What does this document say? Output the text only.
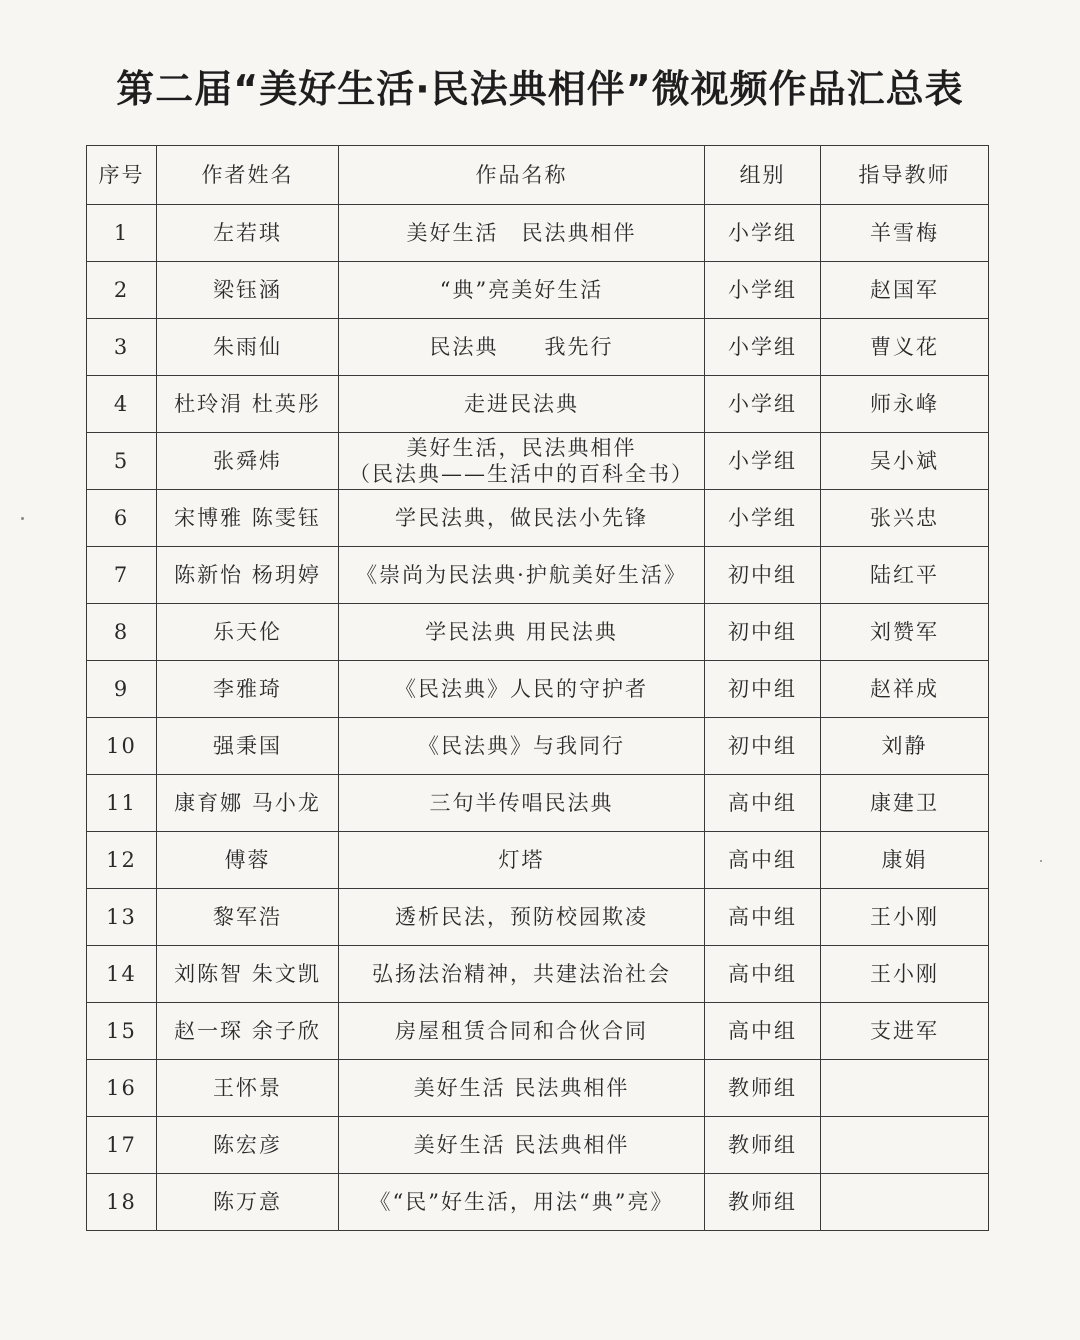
第二届“美好生活·民法典相伴”微视频作品汇总表
序号	作者姓名	作品名称	组别	指导教师
1	左若琪	美好生活　民法典相伴	小学组	羊雪梅
2	梁钰涵	“典”亮美好生活	小学组	赵国军
3	朱雨仙	民法典　　我先行	小学组	曹义花
4	杜玲涓 杜英彤	走进民法典	小学组	师永峰
5	张舜炜	美好生活，民法典相伴
（民法典——生活中的百科全书）	小学组	吴小斌
6	宋博雅 陈雯钰	学民法典，做民法小先锋	小学组	张兴忠
7	陈新怡 杨玥婷	《崇尚为民法典·护航美好生活》	初中组	陆红平
8	乐天伦	学民法典 用民法典	初中组	刘赞军
9	李雅琦	《民法典》人民的守护者	初中组	赵祥成
10	强秉国	《民法典》与我同行	初中组	刘静
11	康育娜 马小龙	三句半传唱民法典	高中组	康建卫
12	傅蓉	灯塔	高中组	康娟
13	黎军浩	透析民法，预防校园欺凌	高中组	王小刚
14	刘陈智 朱文凯	弘扬法治精神，共建法治社会	高中组	王小刚
15	赵一琛 余子欣	房屋租赁合同和合伙合同	高中组	支进军
16	王怀景	美好生活 民法典相伴	教师组	
17	陈宏彦	美好生活 民法典相伴	教师组	
18	陈万意	《“民”好生活，用法“典”亮》	教师组	
